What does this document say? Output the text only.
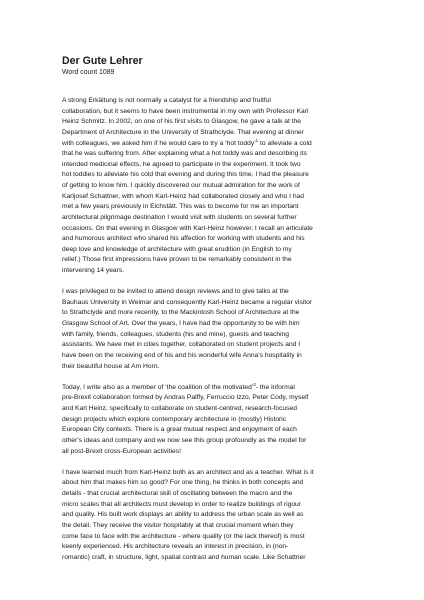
Der Gute Lehrer

Word count 1089

A strong Erkältung is not normally a catalyst for a friendship and fruitful
collaboration, but it seems to have been instrumental in my own with Professor Karl
Heinz Schmitz. In 2002, on one of his first visits to Glasgow, he gave a talk at the
Department of Architecture in the University of Strathclyde. That evening at dinner
with colleagues, we asked him if he would care to try a ‘hot toddy’$^1$ to alleviate a cold
that he was suffering from. After explaining what a hot toddy was and describing its
intended medicinal effects, he agreed to participate in the experiment. It took two
hot toddies to alleviate his cold that evening and during this time, I had the pleasure
of getting to know him. I quickly discovered our mutual admiration for the work of
Karljosef Schattner, with whom Karl-Heinz had collaborated closely and who I had
met a few years previously in Eichstätt. This was to become for me an important
architectural pilgrimage destination I would visit with students on several further
occasions. On that evening in Glasgow with Karl-Heinz however, I recall an articulate
and humorous architect who shared his affection for working with students and his
deep love and knowledge of architecture with great erudition (in English to my
relief.) Those first impressions have proven to be remarkably consistent in the
intervening 14 years.

I was privileged to be invited to attend design reviews and to give talks at the
Bauhaus University in Weimar and consequently Karl-Heinz became a regular visitor
to Strathclyde and more recently, to the Mackintosh School of Architecture at the
Glasgow School of Art. Over the years, I have had the opportunity to be with him
with family, friends, colleagues, students (his and mine), guests and teaching
assistants. We have met in cities together, collaborated on student projects and I
have been on the receiving end of his and his wonderful wife Anna’s hospitality in
their beautiful house at Am Horn.

Today, I write also as a member of ‘the coalition of the motivated’$^2$- the informal
pre-Brexit collaboration formed by Andras Palffy, Ferruccio Izzo, Peter Cody, myself
and Karl Heinz, specifically to collaborate on student-centred, research-focused
design projects which explore contemporary architecture in (mostly) Historic
European City contexts. There is a great mutual respect and enjoyment of each
other’s ideas and company and we now see this group profoundly as the model for
all post-Brexit cross-European activities!

I have learned much from Karl-Heinz both as an architect and as a teacher. What is it
about him that makes him so good? For one thing, he thinks in both concepts and
details - that crucial architectural skill of oscillating between the macro and the
micro scales that all architects must develop in order to realize buildings of rigour
and quality. His built work displays an ability to address the urban scale as well as
the detail. They receive the visitor hospitably at that crucial moment when they
come face to face with the architecture - where quality (or the lack thereof) is most
keenly experienced. His architecture reveals an interest in precision, in (non-
romantic) craft, in structure, light, spatial contrast and human scale. Like Schattner
